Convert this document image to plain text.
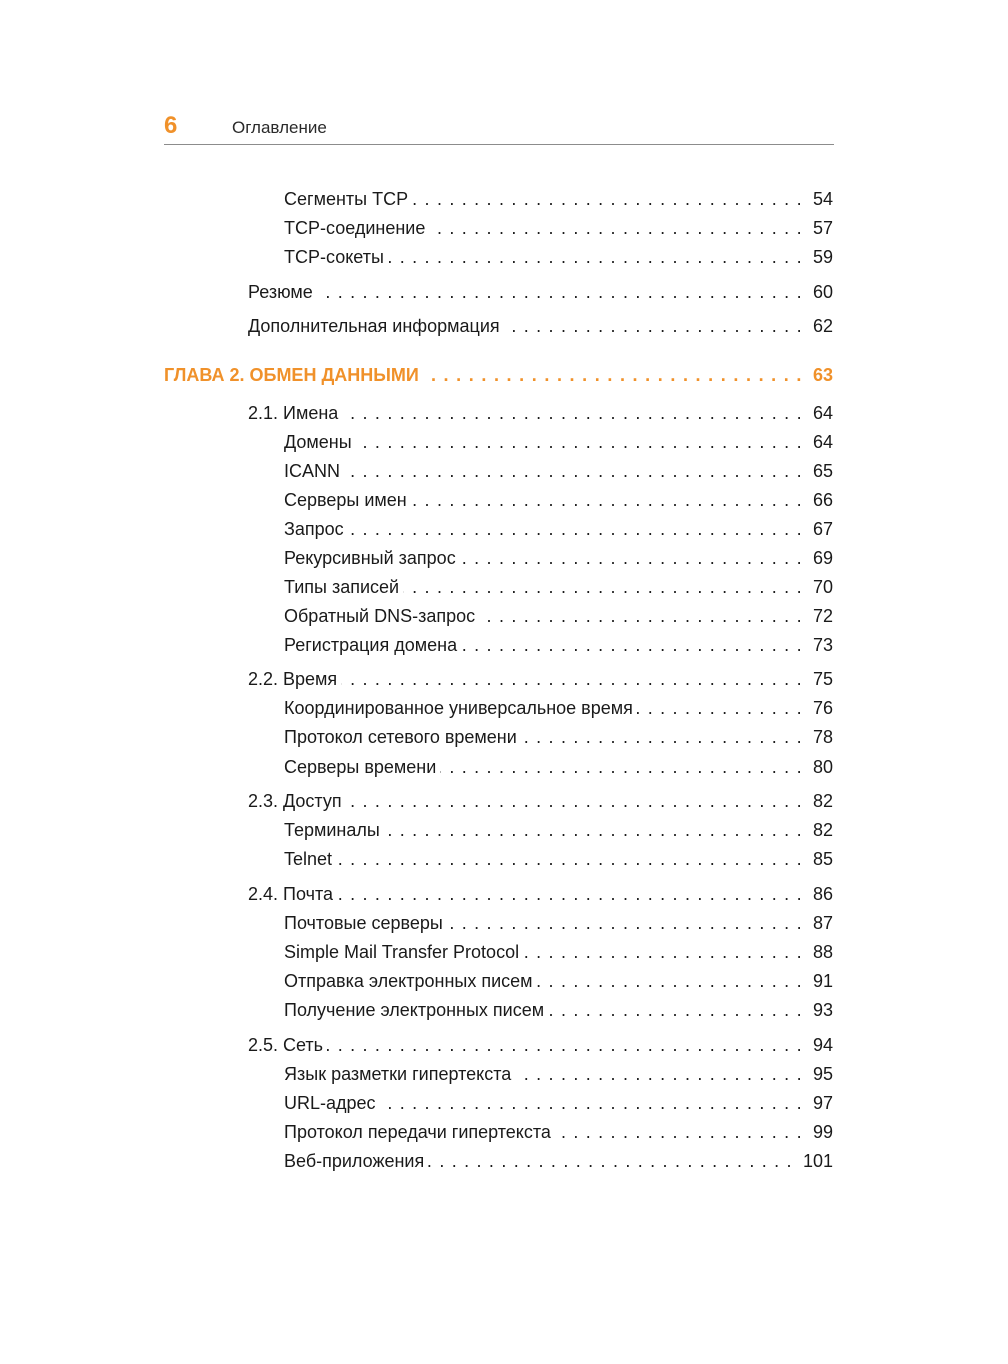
6	Оглавление
Сегменты TCP .....	54
TCP-соединение .....	57
TCP-сокеты .....	59
Резюме .....	60
Дополнительная информация .....	62
ГЛАВА 2. ОБМЕН ДАННЫМИ .....	63
2.1. Имена .....	64
Домены .....	64
ICANN .....	65
Серверы имен .....	66
Запрос .....	67
Рекурсивный запрос .....	69
Типы записей .....	70
Обратный DNS-запрос .....	72
Регистрация домена .....	73
2.2. Время .....	75
Координированное универсальное время .....	76
Протокол сетевого времени .....	78
Серверы времени .....	80
2.3. Доступ .....	82
Терминалы .....	82
Telnet .....	85
2.4. Почта .....	86
Почтовые серверы .....	87
Simple Mail Transfer Protocol .....	88
Отправка электронных писем .....	91
Получение электронных писем .....	93
2.5. Сеть .....	94
Язык разметки гипертекста .....	95
URL-адрес .....	97
Протокол передачи гипертекста .....	99
Веб-приложения .....	101
